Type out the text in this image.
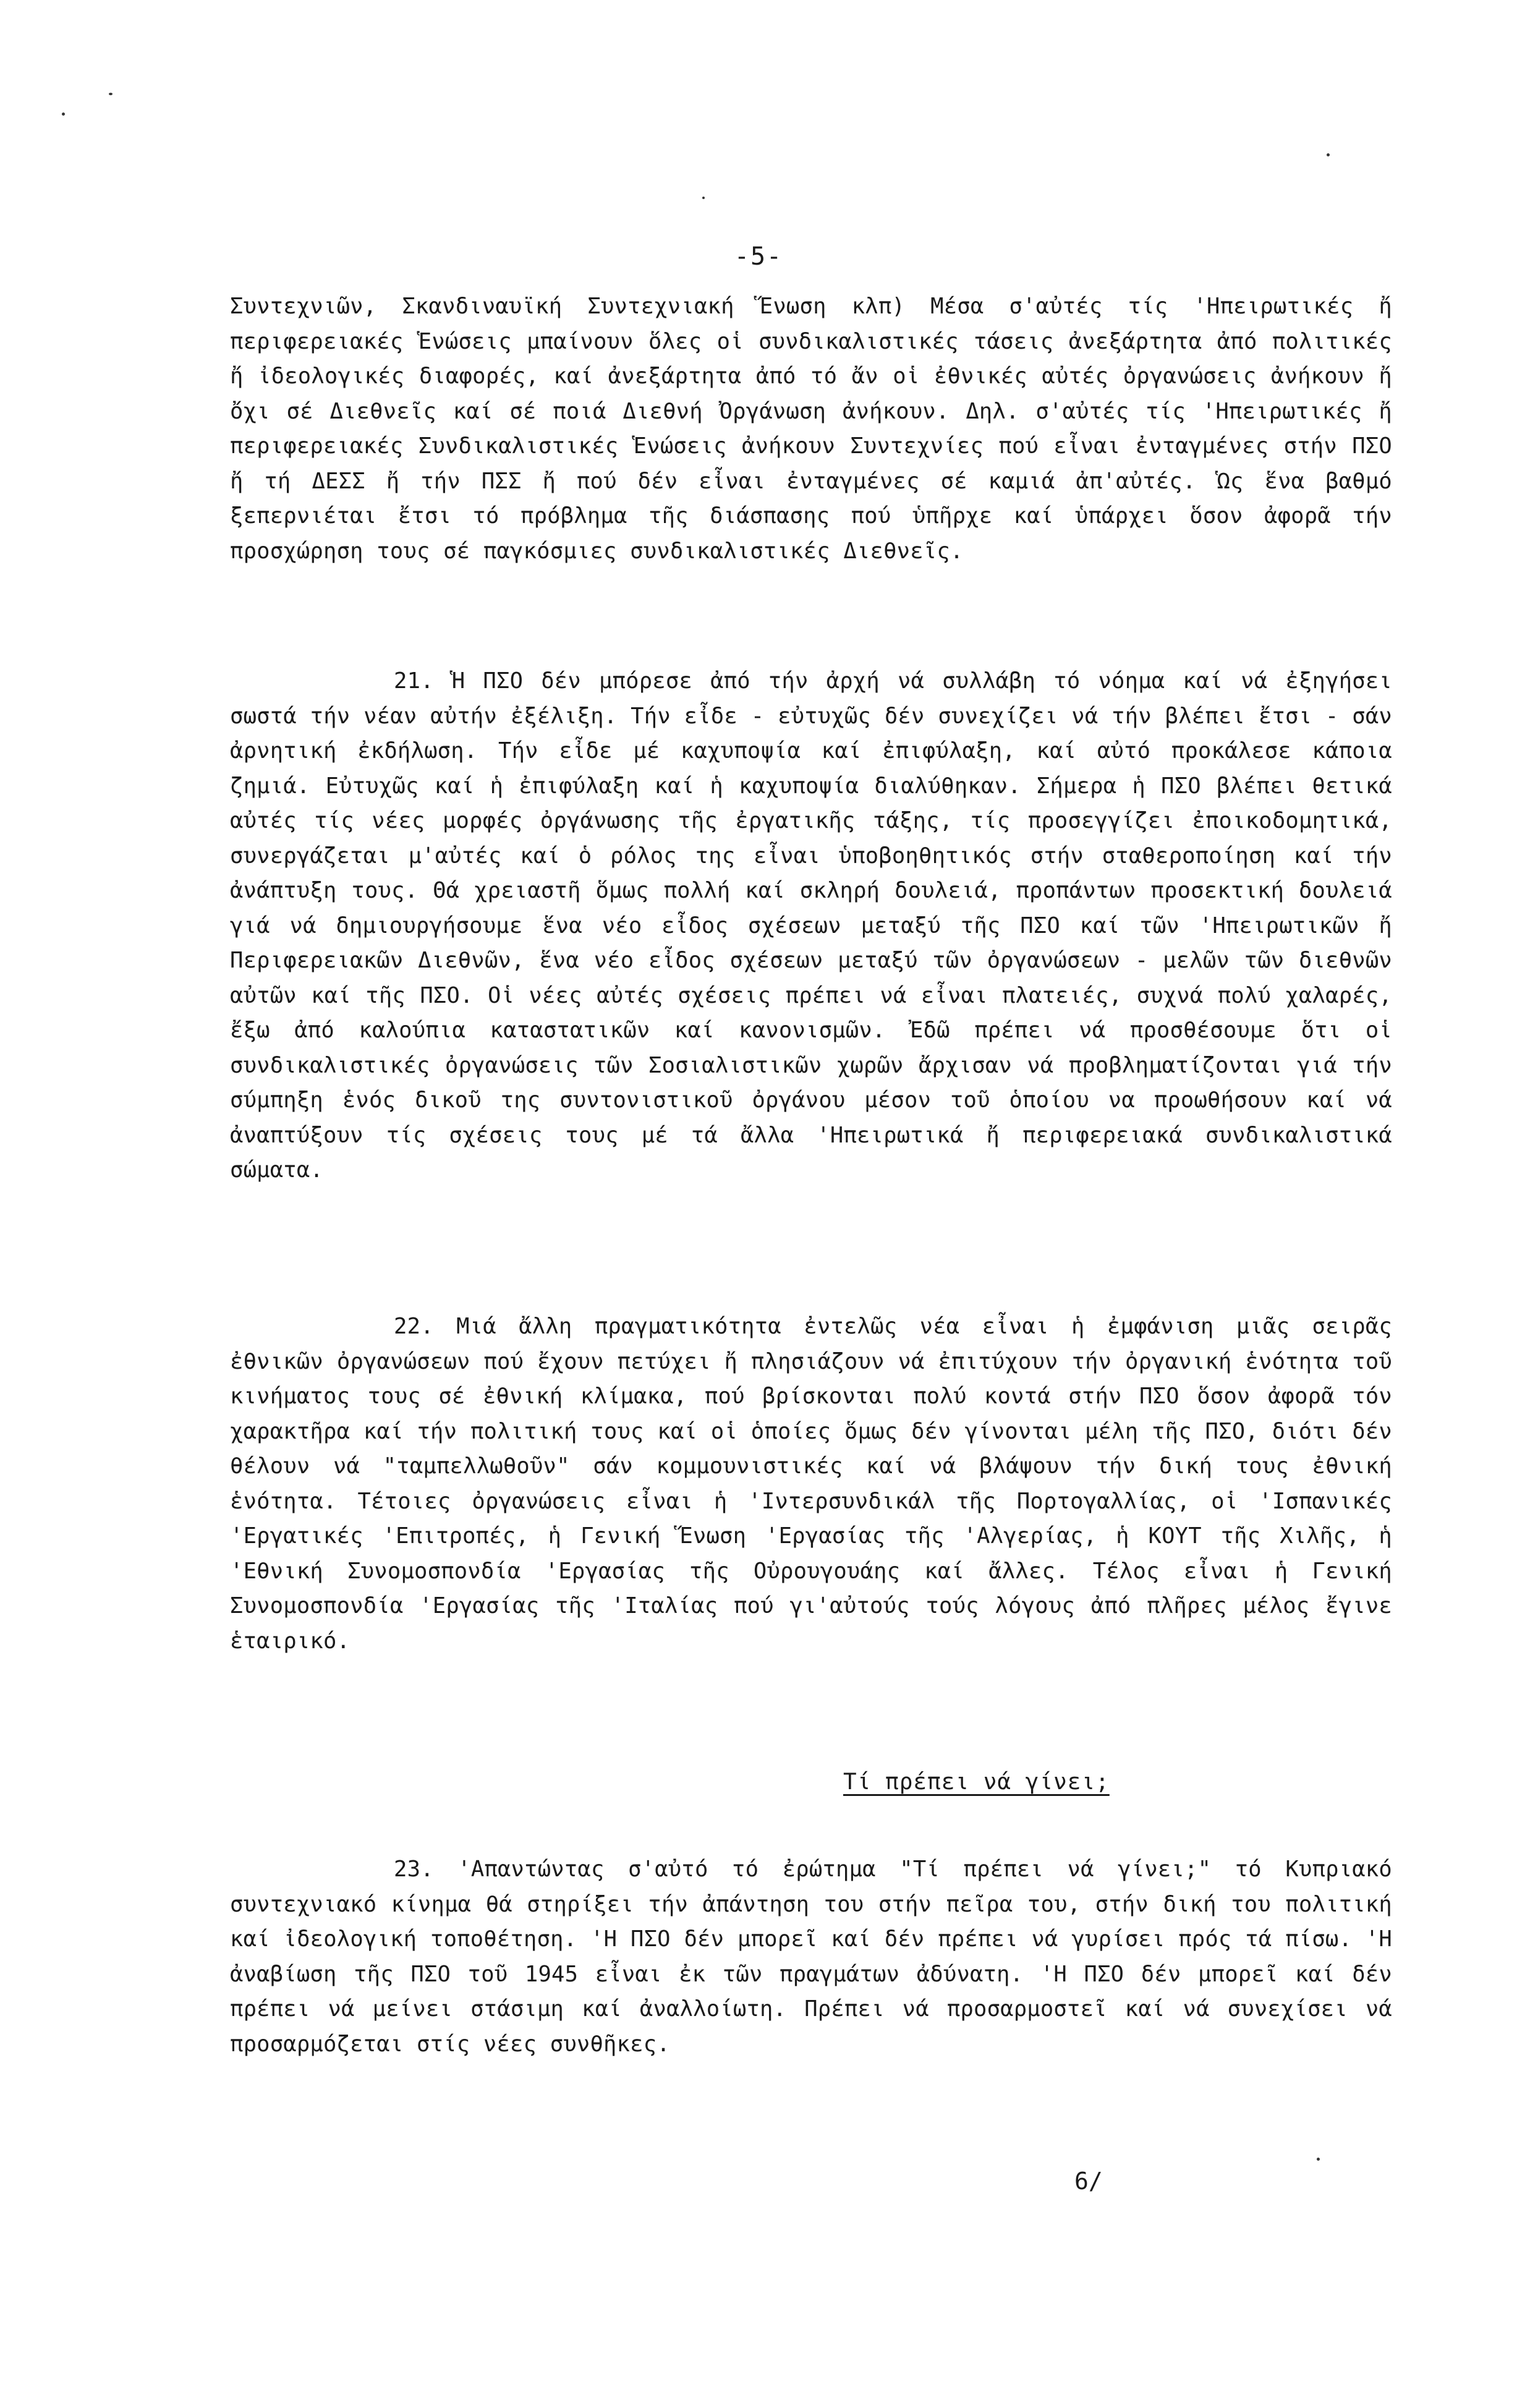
-5-
Συντεχνιῶν, Σκανδιναυϊκή Συντεχνιακή Ἕνωση κλπ) Μέσα σ'αὐτές τίς 'Ηπειρωτικές ἤ περιφερειακές Ἑνώσεις μπαίνουν ὅλες οἱ συνδικαλιστικές τάσεις ἀνεξάρτητα ἀπό πολιτικές ἤ ἰδεολογικές διαφορές, καί ἀνεξάρτητα ἀπό τό ἄν οἱ ἐθνικές αὐτές ὀργανώσεις ἀνήκουν ἤ ὄχι σέ Διεθνεῖς καί σέ ποιά Διεθνή Ὀργάνωση ἀνήκουν. Δηλ. σ'αὐτές τίς 'Ηπειρωτικές ἤ περιφερειακές Συνδικαλιστικές Ἑνώσεις ἀνήκουν Συντεχνίες πού εἶναι ἐνταγμένες στήν ΠΣΟ ἤ τή ΔΕΣΣ ἤ τήν ΠΣΣ ἤ πού δέν εἶναι ἐνταγμένες σέ καμιά ἀπ'αὐτές. Ὡς ἕνα βαθμό ξεπερνιέται ἔτσι τό πρόβλημα τῆς διάσπασης πού ὑπῆρχε καί ὑπάρχει ὅσον ἀφορᾶ τήν προσχώρηση τους σέ παγκόσμιες συνδικαλιστικές Διεθνεῖς.
21. Ἡ ΠΣΟ δέν μπόρεσε ἀπό τήν ἀρχή νά συλλάβη τό νόημα καί νά ἐξηγήσει σωστά τήν νέαν αὐτήν ἐξέλιξη. Τήν εἶδε - εὐτυχῶς δέν συνεχίζει νά τήν βλέπει ἔτσι - σάν ἀρνητική ἐκδήλωση. Τήν εἶδε μέ καχυποψία καί ἐπιφύλαξη, καί αὐτό προκάλεσε κάποια ζημιά. Εὐτυχῶς καί ἡ ἐπιφύλαξη καί ἡ καχυποψία διαλύθηκαν. Σήμερα ἡ ΠΣΟ βλέπει θετικά αὐτές τίς νέες μορφές ὀργάνωσης τῆς ἐργατικῆς τάξης, τίς προσεγγίζει ἐποικοδομητικά, συνεργάζεται μ'αὐτές καί ὁ ρόλος της εἶναι ὑποβοηθητικός στήν σταθεροποίηση καί τήν ἀνάπτυξη τους. Θά χρειαστῆ ὅμως πολλή καί σκληρή δουλειά, προπάντων προσεκτική δουλειά γιά νά δημιουργήσουμε ἕνα νέο εἶδος σχέσεων μεταξύ τῆς ΠΣΟ καί τῶν 'Ηπειρωτικῶν ἤ Περιφερειακῶν Διεθνῶν, ἕνα νέο εἶδος σχέσεων μεταξύ τῶν ὀργανώσεων - μελῶν τῶν διεθνῶν αὐτῶν καί τῆς ΠΣΟ. Οἱ νέες αὐτές σχέσεις πρέπει νά εἶναι πλατειές, συχνά πολύ χαλαρές, ἔξω ἀπό καλούπια καταστατικῶν καί κανονισμῶν. Ἐδῶ πρέπει νά προσθέσουμε ὅτι οἱ συνδικαλιστικές ὀργανώσεις τῶν Σοσιαλιστικῶν χωρῶν ἄρχισαν νά προβληματίζονται γιά τήν σύμπηξη ἑνός δικοῦ της συντονιστικοῦ ὀργάνου μέσον τοῦ ὁποίου να προωθήσουν καί νά ἀναπτύξουν τίς σχέσεις τους μέ τά ἄλλα 'Ηπειρωτικά ἤ περιφερειακά συνδικαλιστικά σώματα.
22. Μιά ἄλλη πραγματικότητα ἐντελῶς νέα εἶναι ἡ ἐμφάνιση μιᾶς σειρᾶς ἐθνικῶν ὀργανώσεων πού ἔχουν πετύχει ἤ πλησιάζουν νά ἐπιτύχουν τήν ὀργανική ἑνότητα τοῦ κινήματος τους σέ ἐθνική κλίμακα, πού βρίσκονται πολύ κοντά στήν ΠΣΟ ὅσον ἀφορᾶ τόν χαρακτῆρα καί τήν πολιτική τους καί οἱ ὁποίες ὅμως δέν γίνονται μέλη τῆς ΠΣΟ, διότι δέν θέλουν νά "ταμπελλωθοῦν" σάν κομμουνιστικές καί νά βλάψουν τήν δική τους ἐθνική ἑνότητα. Τέτοιες ὀργανώσεις εἶναι ἡ 'Ιντερσυνδικάλ τῆς Πορτογαλλίας, οἱ 'Ισπανικές 'Εργατικές 'Επιτροπές, ἡ Γενική Ἕνωση 'Εργασίας τῆς 'Αλγερίας, ἡ ΚΟΥΤ τῆς Χιλῆς, ἡ 'Εθνική Συνομοσπονδία 'Εργασίας τῆς Οὐρουγουάης καί ἄλλες. Τέλος εἶναι ἡ Γενική Συνομοσπονδία 'Εργασίας τῆς 'Ιταλίας πού γι'αὐτούς τούς λόγους ἀπό πλῆρες μέλος ἔγινε ἑταιρικό.
Τί πρέπει νά γίνει;
23. 'Απαντώντας σ'αὐτό τό ἐρώτημα "Τί πρέπει νά γίνει;" τό Κυπριακό συντεχνιακό κίνημα θά στηρίξει τήν ἀπάντηση του στήν πεῖρα του, στήν δική του πολιτική καί ἰδεολογική τοποθέτηση. 'Η ΠΣΟ δέν μπορεῖ καί δέν πρέπει νά γυρίσει πρός τά πίσω. 'Η ἀναβίωση τῆς ΠΣΟ τοῦ 1945 εἶναι ἐκ τῶν πραγμάτων ἀδύνατη. 'Η ΠΣΟ δέν μπορεῖ καί δέν πρέπει νά μείνει στάσιμη καί ἀναλλοίωτη. Πρέπει νά προσαρμοστεῖ καί νά συνεχίσει νά προσαρμόζεται στίς νέες συνθῆκες.
6/
